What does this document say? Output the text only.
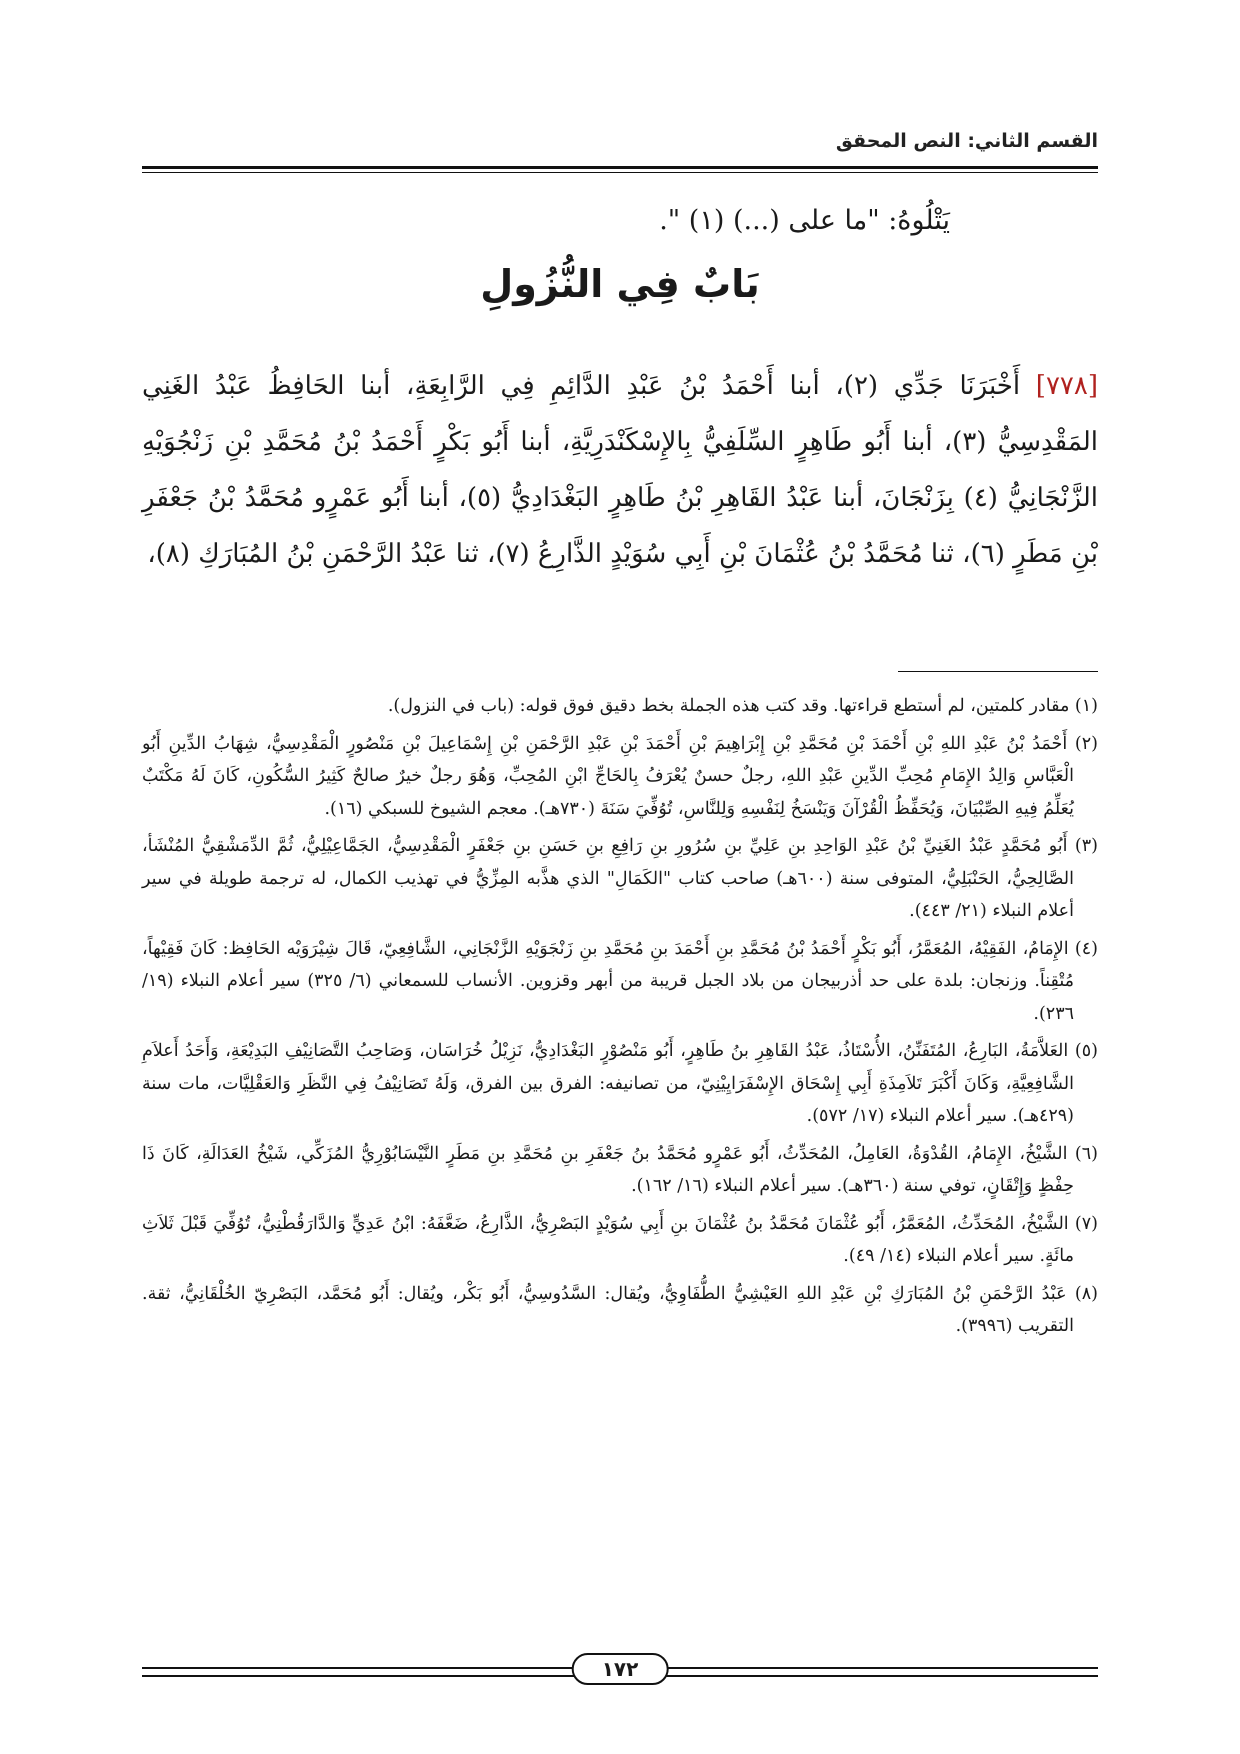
القسم الثاني: النص المحقق
يَتْلُوهُ: "ما على (...) (١) ".
بَابٌ فِي النُّزُولِ
[٧٧٨] أَخْبَرَنَا جَدِّي (٢)، أبنا أَحْمَدُ بْنُ عَبْدِ الدَّائِمِ فِي الرَّابِعَةِ، أبنا الحَافِظُ عَبْدُ الغَنِي المَقْدِسِيُّ (٣)، أبنا أَبُو طَاهِرٍ السِّلَفِيُّ بِالإِسْكَنْدَرِيَّةِ، أبنا أَبُو بَكْرٍ أَحْمَدُ بْنُ مُحَمَّدِ بْنِ زَنْجُوَيْهِ الزَّنْجَانِيُّ (٤) بِزَنْجَانَ، أبنا عَبْدُ القَاهِرِ بْنُ طَاهِرٍ البَغْدَادِيُّ (٥)، أبنا أَبُو عَمْرٍو مُحَمَّدُ بْنُ جَعْفَرِ بْنِ مَطَرٍ (٦)، ثنا مُحَمَّدُ بْنُ عُثْمَانَ بْنِ أَبِي سُوَيْدٍ الذَّارِعُ (٧)، ثنا عَبْدُ الرَّحْمَنِ بْنُ المُبَارَكِ (٨)،

(١) مقادر كلمتين، لم أستطع قراءتها. وقد كتب هذه الجملة بخط دقيق فوق قوله: (باب في النزول).

(٢) أَحْمَدُ بْنُ عَبْدِ اللهِ بْنِ أَحْمَدَ بْنِ مُحَمَّدِ بْنِ إِبْرَاهِيمَ بْنِ أَحْمَدَ بْنِ عَبْدِ الرَّحْمَنِ بْنِ إِسْمَاعِيلَ بْنِ مَنْصُورٍ الْمَقْدِسِيُّ، شِهَابُ الدِّينِ أَبُو الْعَبَّاسِ وَالِدُ الإِمَامِ مُحِبِّ الدِّينِ عَبْدِ اللهِ، رجلٌ حسنٌ يُعْرَفُ بِالحَاجِّ ابْنِ المُحِبِّ، وَهُوَ رجلٌ خيرٌ صالحٌ كَثِيرُ السُّكُونِ، كَانَ لَهُ مَكْتَبٌ يُعَلِّمُ فِيهِ الصِّبْيَانَ، وَيُحَفِّظُ الْقُرْآنَ وَيَنْسَخُ لِنَفْسِهِ وَلِلنَّاسِ، تُوُفِّيَ سَنَةَ (٧٣٠هـ). معجم الشيوخ للسبكي (١٦).

(٣) أَبُو مُحَمَّدٍ عَبْدُ الغَنِيِّ بْنُ عَبْدِ الوَاحِدِ بنِ عَلِيِّ بنِ سُرُورِ بنِ رَافِعِ بنِ حَسَنِ بنِ جَعْفَرٍ الْمَقْدِسِيُّ، الجَمَّاعِيْلِيُّ، ثُمَّ الدِّمَشْقِيُّ المُنْشَأ، الصَّالِحِيُّ، الحَنْبَلِيُّ، المتوفى سنة (٦٠٠هـ) صاحب كتاب "الكَمَالِ" الذي هذَّبه المِزِّيُّ في تهذيب الكمال، له ترجمة طويلة في سير أعلام النبلاء (٢١/ ٤٤٣).

(٤) الإِمَامُ، الفَقِيْهُ، المُعَمَّرُ، أَبُو بَكْرٍ أَحْمَدُ بْنُ مُحَمَّدِ بنِ أَحْمَدَ بنِ مُحَمَّدِ بنِ زَنْجَوَيْهِ الزَّنْجَانِي، الشَّافِعِيّ، قَالَ شِيْرَوَيْه الحَافِظ: كَانَ فَقِيْهاً، مُتْقِناً. وزنجان: بلدة على حد أذربيجان من بلاد الجبل قريبة من أبهر وقزوين. الأنساب للسمعاني (٦/ ٣٢٥) سير أعلام النبلاء (١٩/ ٢٣٦).

(٥) العَلاَّمَةُ، البَارِعُ، المُتَفَنِّنُ، الأُسْتَاذُ، عَبْدُ القَاهِرِ بنُ طَاهِرٍ، أَبُو مَنْصُوْرٍ البَغْدَادِيُّ، نَزِيْلُ خُرَاسَان، وَصَاحِبُ التَّصَانِيْفِ البَدِيْعَةِ، وَأَحَدُ أَعلاَمِ الشَّافِعِيَّةِ، وَكَانَ أَكْبَرَ تَلاَمِذَةِ أَبِي إِسْحَاق الإِسْفَرَايِيْنِيّ، من تصانيفه: الفرق بين الفرق، وَلَهُ تَصَانِيْفُ فِي النَّظَرِ وَالعَقْلِيَّات، مات سنة (٤٢٩هـ). سير أعلام النبلاء (١٧/ ٥٧٢).

(٦) الشَّيْخُ، الإِمَامُ، القُدْوَةُ، العَامِلُ، المُحَدِّثُ، أَبُو عَمْرٍو مُحَمَّدُ بنُ جَعْفَرِ بنِ مُحَمَّدِ بنِ مَطَرٍ النَّيْسَابُوْرِيُّ المُزَكِّي، شَيْخُ العَدَالَةِ، كَانَ ذَا حِفْظٍ وَإِتْقَانٍ، توفي سنة (٣٦٠هـ). سير أعلام النبلاء (١٦/ ١٦٢).

(٧) الشَّيْخُ، المُحَدِّثُ، المُعَمَّرُ، أَبُو عُثْمَانَ مُحَمَّدُ بنُ عُثْمَانَ بنِ أَبِي سُوَيْدٍ البَصْرِيُّ، الذَّارِعُ، ضَعَّفَهُ: ابْنُ عَدِيٍّ وَالدَّارَقُطْنِيُّ، تُوُفِّيَ قَبْلَ ثَلاَثِ مائَةٍ. سير أعلام النبلاء (١٤/ ٤٩).

(٨) عَبْدُ الرَّحْمَنِ بْنُ المُبَارَكِ بْنِ عَبْدِ اللهِ العَيْشِيُّ الطُّفَاوِيُّ، ويُقال: السَّدُوسِيُّ، أَبُو بَكْر، ويُقال: أَبُو مُحَمَّد، البَصْرِيّ الخُلْقَانِيُّ، ثقة. التقريب (٣٩٩٦).

١٧٢
